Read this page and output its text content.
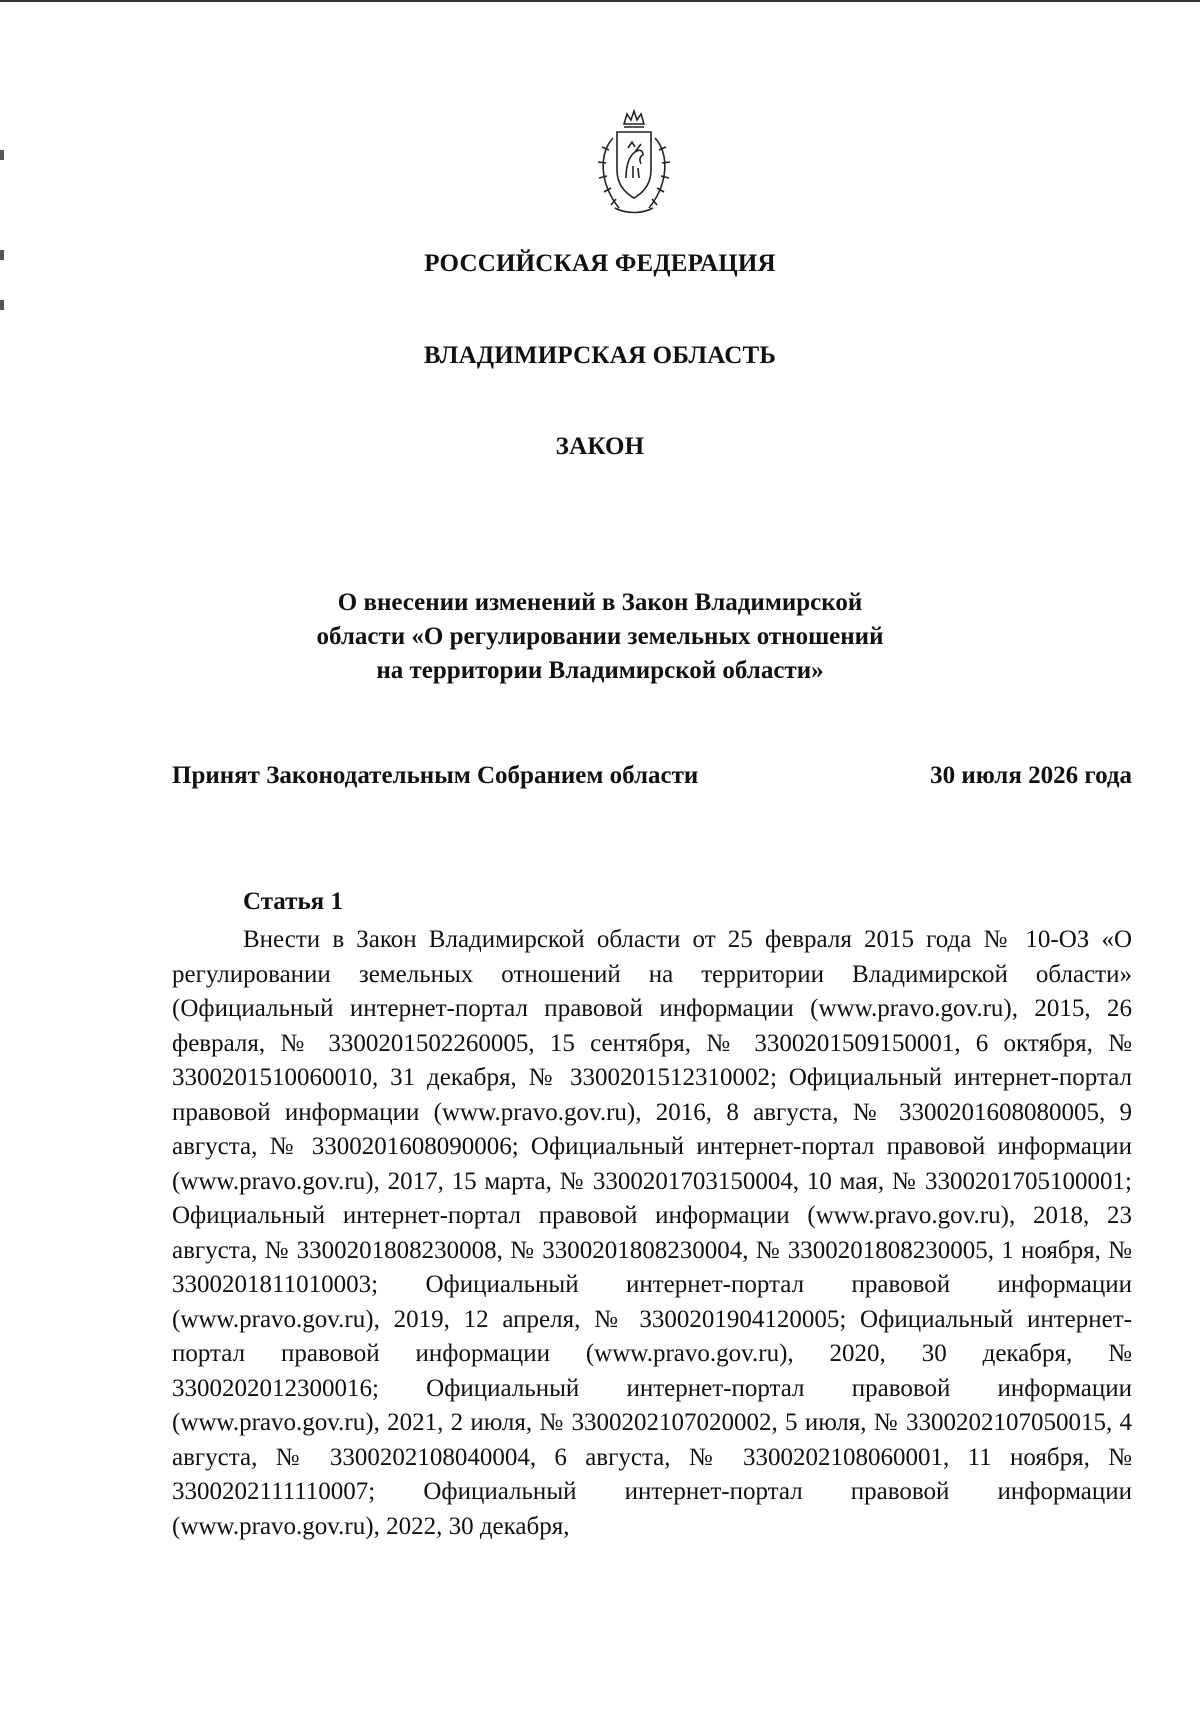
РОССИЙСКАЯ ФЕДЕРАЦИЯ
ВЛАДИМИРСКАЯ ОБЛАСТЬ
ЗАКОН
О внесении изменений в Закон Владимирской
области «О регулировании земельных отношений
на территории Владимирской области»
Принят Законодательным Собранием области	30 июля 2026 года
Статья 1

Внести в Закон Владимирской области от 25 февраля 2015 года № 10-ОЗ «О регулировании земельных отношений на территории Владимирской области» (Официальный интернет-портал правовой информации (www.pravo.gov.ru), 2015, 26 февраля, № 3300201502260005, 15 сентября, № 3300201509150001, 6 октября, № 3300201510060010, 31 декабря, № 3300201512310002; Официальный интернет-портал правовой информации (www.pravo.gov.ru), 2016, 8 августа, № 3300201608080005, 9 августа, № 3300201608090006; Официальный интернет-портал правовой информации (www.pravo.gov.ru), 2017, 15 марта, № 3300201703150004, 10 мая, № 3300201705100001; Официальный интернет-портал правовой информации (www.pravo.gov.ru), 2018, 23 августа, № 3300201808230008, № 3300201808230004, № 3300201808230005, 1 ноября, № 3300201811010003; Официальный интернет-портал правовой информации (www.pravo.gov.ru), 2019, 12 апреля, № 3300201904120005; Официальный интернет-портал правовой информации (www.pravo.gov.ru), 2020, 30 декабря, № 3300202012300016; Официальный интернет-портал правовой информации (www.pravo.gov.ru), 2021, 2 июля, № 3300202107020002, 5 июля, № 3300202107050015, 4 августа, № 3300202108040004, 6 августа, № 3300202108060001, 11 ноября, № 3300202111110007; Официальный интернет-портал правовой информации (www.pravo.gov.ru), 2022, 30 декабря,
